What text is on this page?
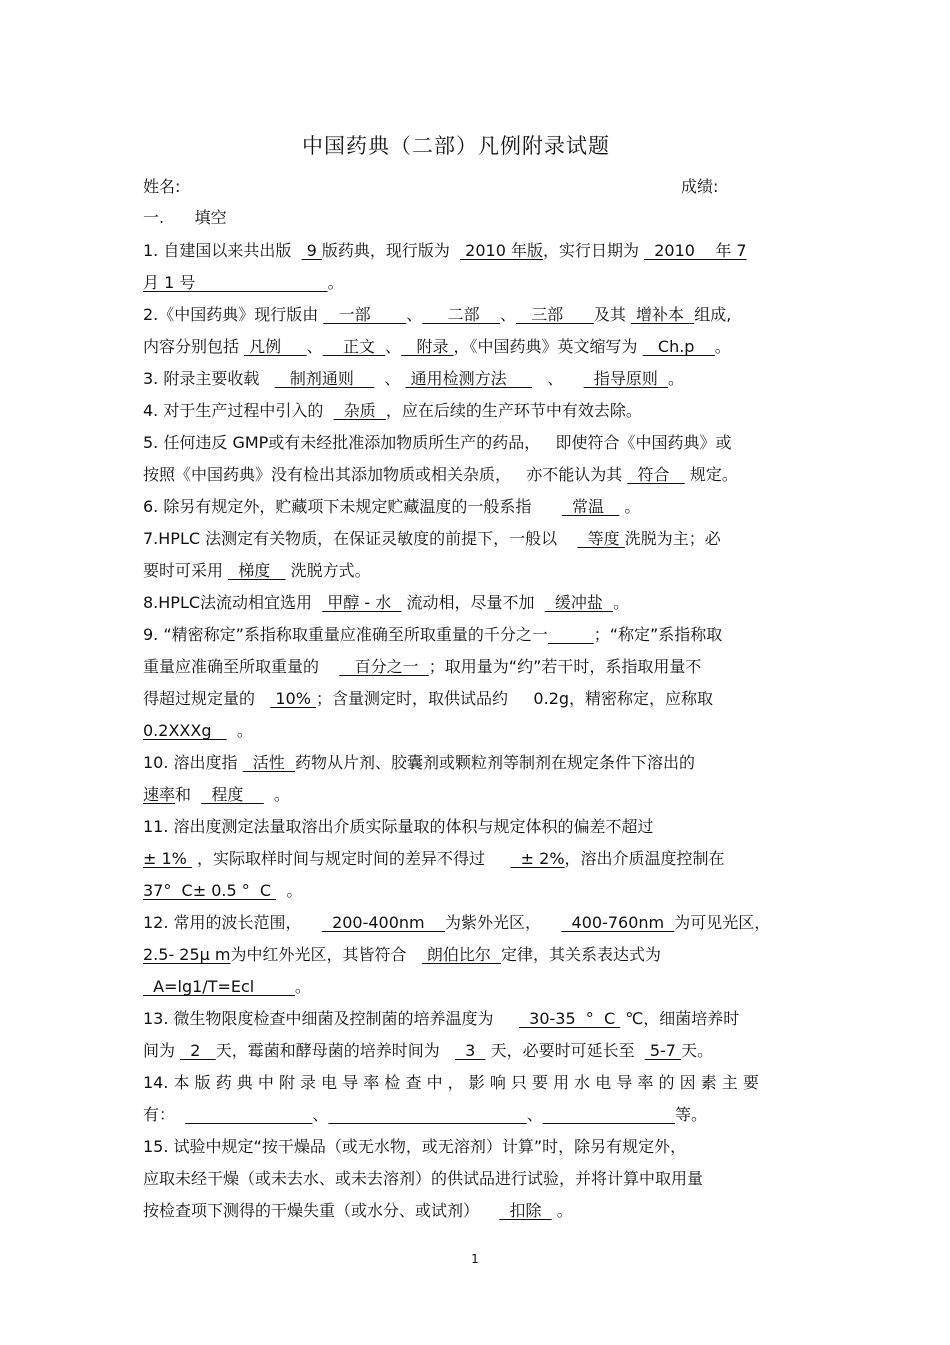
中国药典（二部）凡例附录试题
姓名:	成绩:
一.      填空
1. 自建国以来共出版   9 版药典，现行版为   2010 年版，实行日期为   2010    年 7
月 1 号	。
2.《中国药典》现行版由    一部       、     二部    、   三部      及其  增补本  组成,
内容分别包括  凡例     、    正文  、   附录 ，《中国药典》英文缩写为    Ch.p    。
3. 附录主要收载      制剂通则      、  通用检测方法        、      指导原则  。
4. 对于生产过程中引入的    杂质  ，应在后续的生产环节中有效去除。
5. 任何违反 GMP或有未经批准添加物质所生产的药品，   即使符合《中国药典》或
按照《中国药典》没有检出其添加物质或相关杂质，   亦不能认为其   符合    规定。
6. 除另有规定外，贮藏项下未规定贮藏温度的一般系指        常温    。
7.HPLC 法测定有关物质，在保证灵敏度的前提下，一般以      等度 洗脱为主；必
要时可采用   梯度    洗脱方式。
8.HPLC法流动相宜选用   甲醇 - 水   流动相，尽量不加    缓冲盐  。
9. “精密称定”系指称取重量应准确至所取重量的千分之一	；“称定”系指称取
重量应准确至所取重量的       百分之一  ；取用量为“约”若干时，系指取用量不
得超过规定量的    10% ；含量测定时，取供试品约     0.2g，精密称定，应称取
0.2XXXg     。
10. 溶出度指   活性  药物从片剂、胶囊剂或颗粒剂等制剂在规定条件下溶出的
速率和    程度      。
11. 溶出度测定法量取溶出介质实际量取的体积与规定体积的偏差不超过
± 1%  ，实际取样时间与规定时间的差异不得过       ± 2%，溶出介质温度控制在
37°  C± 0.5 °  C   。
12. 常用的波长范围，      200-400nm    为紫外光区，      400-760nm  为可见光区，
2.5- 25μ m为中红外光区，其皆符合    朗伯比尔  定律，其关系表达式为
A=lg1/T=Ecl        。
13. 微生物限度检查中细菌及控制菌的培养温度为       30-35  °  C  ℃，细菌培养时
间为   2   天，霉菌和酵母菌的培养时间为     3   天，必要时可延长至   5-7 天。
14. 本 版 药 典 中 附 录 电 导 率 检 查 中 ， 影 响 只 要 用 水 电 导 率 的 因 素 主 要
有：	、	、	等。
15. 试验中规定“按干燥品（或无水物，或无溶剂）计算”时，除另有规定外，
应取未经干燥（或未去水、或未去溶剂）的供试品进行试验，并将计算中取用量
按检查项下测得的干燥失重（或水分、或试剂）      扣除   。
1
